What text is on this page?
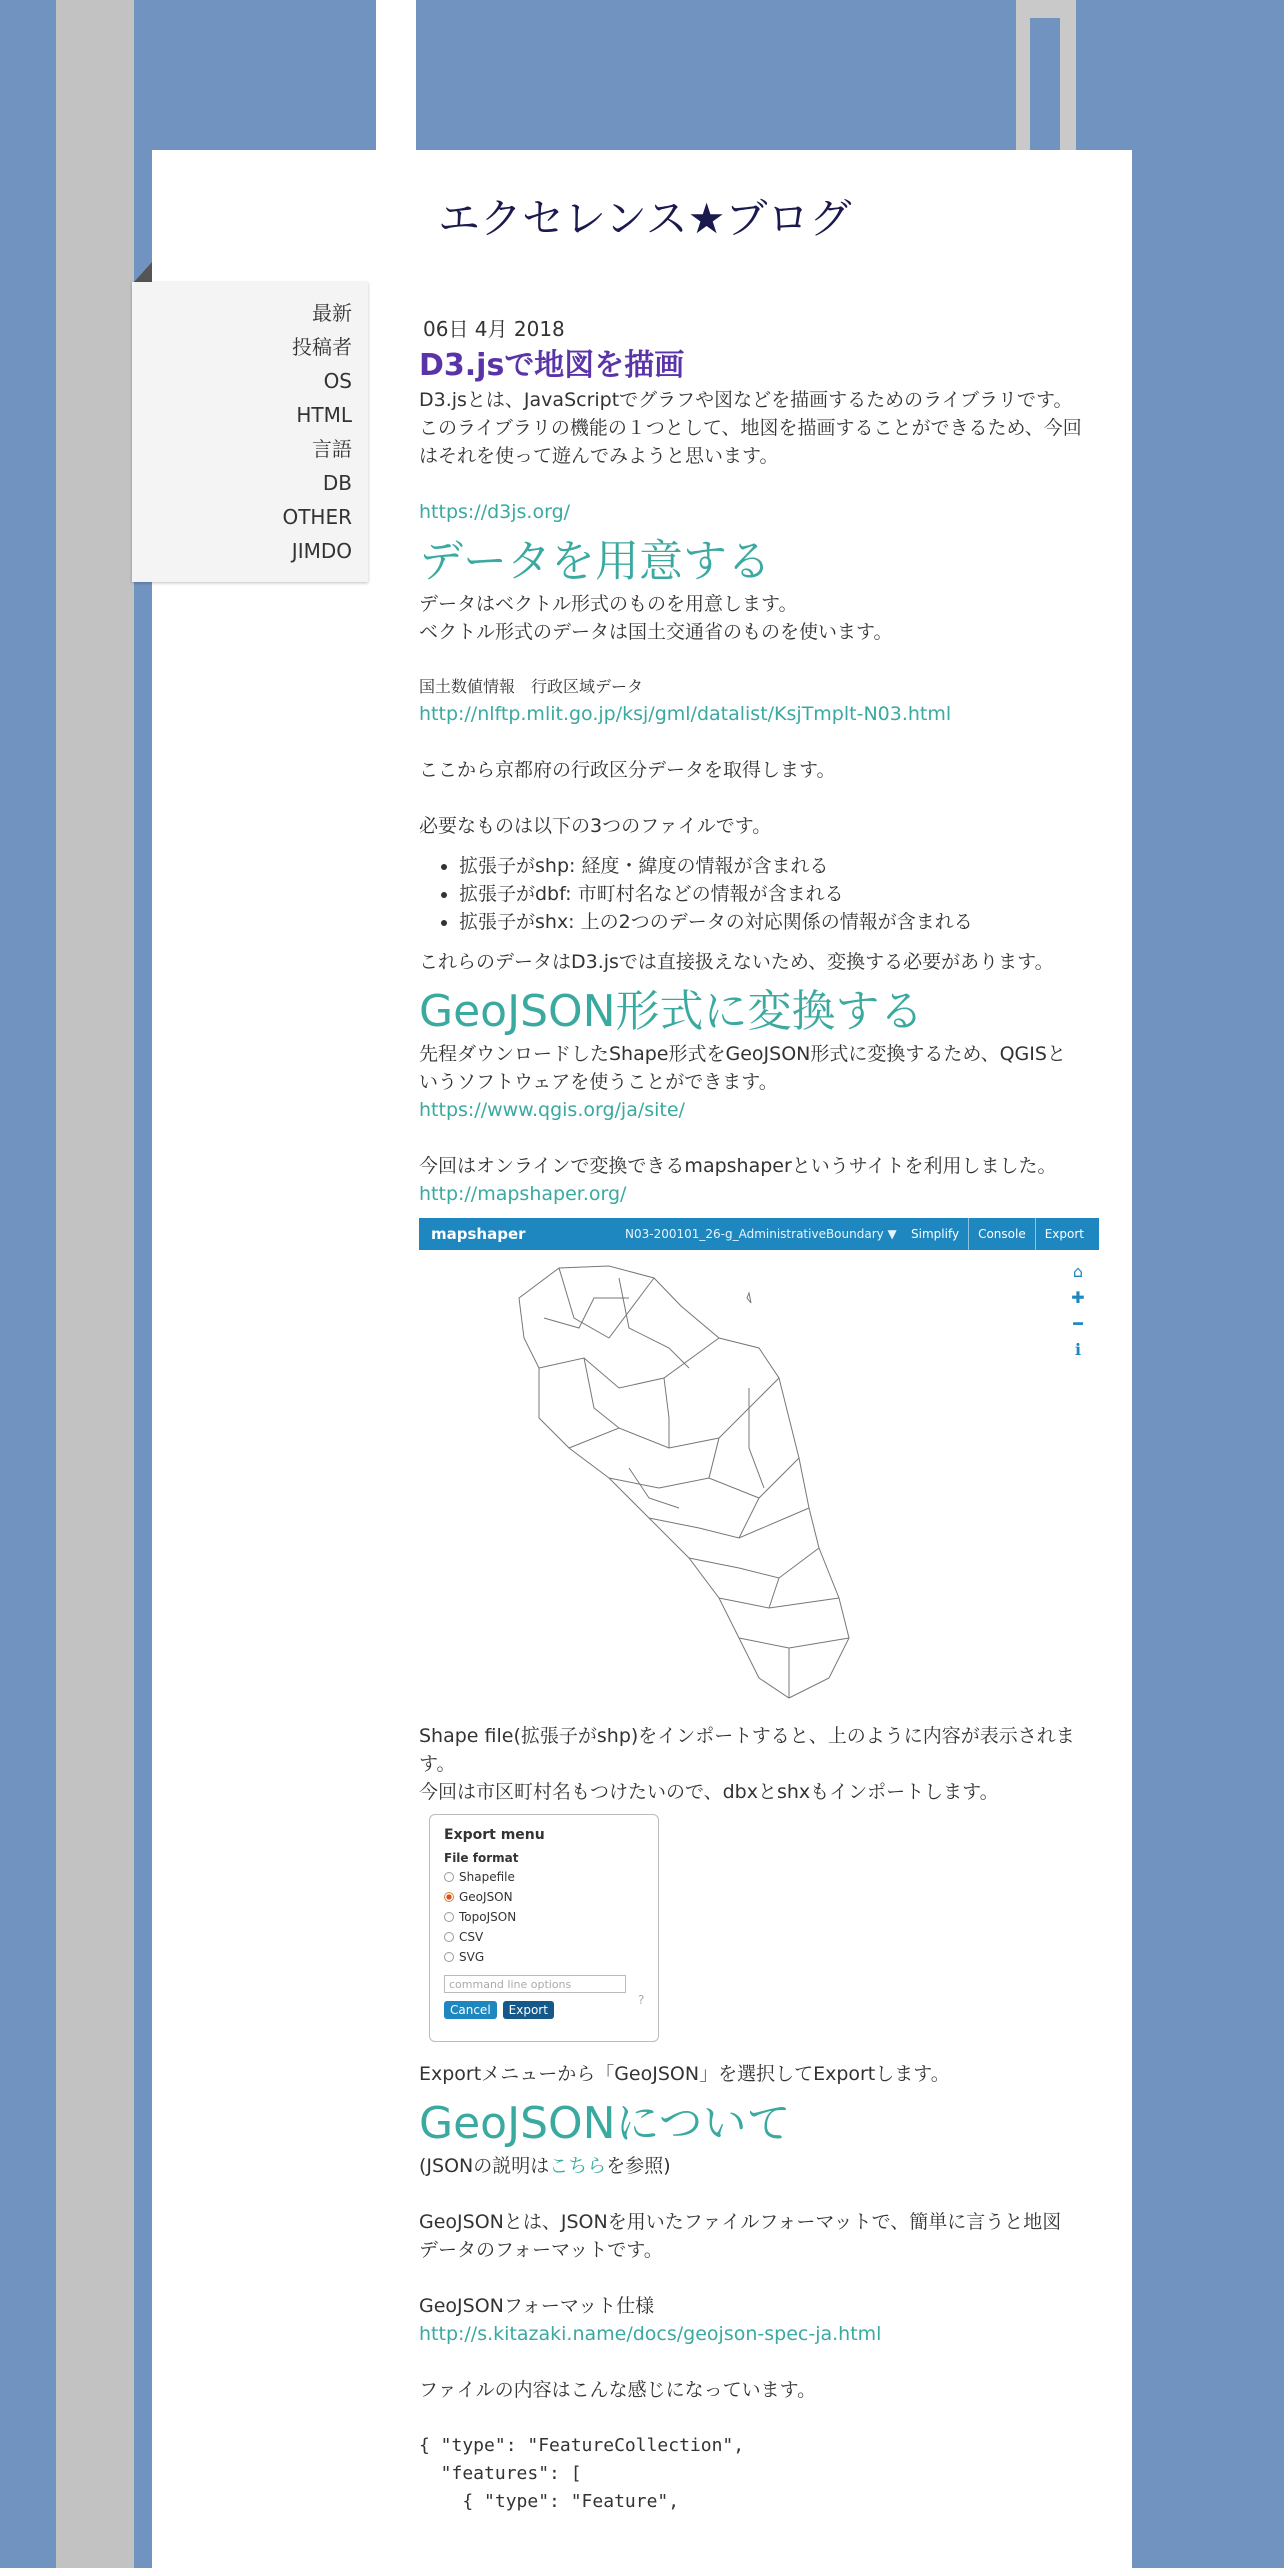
エクセレンス★ブログ
最新
投稿者
OS
HTML
言語
DB
OTHER
JIMDO
06日 4月 2018
D3.jsで地図を描画

D3.jsとは、JavaScriptでグラフや図などを描画するためのライブラリです。

このライブラリの機能の１つとして、地図を描画することができるため、今回

はそれを使って遊んでみようと思います。

https://d3js.org/

データを用意する

データはベクトル形式のものを用意します。

ベクトル形式のデータは国土交通省のものを使います。

国土数値情報　行政区域データ

http://nlftp.mlit.go.jp/ksj/gml/datalist/KsjTmplt-N03.html

ここから京都府の行政区分データを取得します。

必要なものは以下の3つのファイルです。

• 拡張子がshp: 経度・緯度の情報が含まれる
• 拡張子がdbf: 市町村名などの情報が含まれる
• 拡張子がshx: 上の2つのデータの対応関係の情報が含まれる

これらのデータはD3.jsでは直接扱えないため、変換する必要があります。

GeoJSON形式に変換する

先程ダウンロードしたShape形式をGeoJSON形式に変換するため、QGISと

いうソフトウェアを使うことができます。

https://www.qgis.org/ja/site/

今回はオンラインで変換できるmapshaperというサイトを利用しました。

http://mapshaper.org/

mapshaper	N03-200101_26-g_AdministrativeBoundary ▼	Simplify	Console	Export
⌂
✚
━
ℹ

Shape file(拡張子がshp)をインポートすると、上のように内容が表示されま

す。

今回は市区町村名もつけたいので、dbxとshxもインポートします。

Export menu
File format
Shapefile
GeoJSON
TopoJSON
CSV
SVG
command line options
?
Cancel	Export

Exportメニューから「GeoJSON」を選択してExportします。

GeoJSONについて

(JSONの説明はこちらを参照)

GeoJSONとは、JSONを用いたファイルフォーマットで、簡単に言うと地図

データのフォーマットです。

GeoJSONフォーマット仕様

http://s.kitazaki.name/docs/geojson-spec-ja.html

ファイルの内容はこんな感じになっています。

{ "type": "FeatureCollection",
"features": [
{ "type": "Feature",
